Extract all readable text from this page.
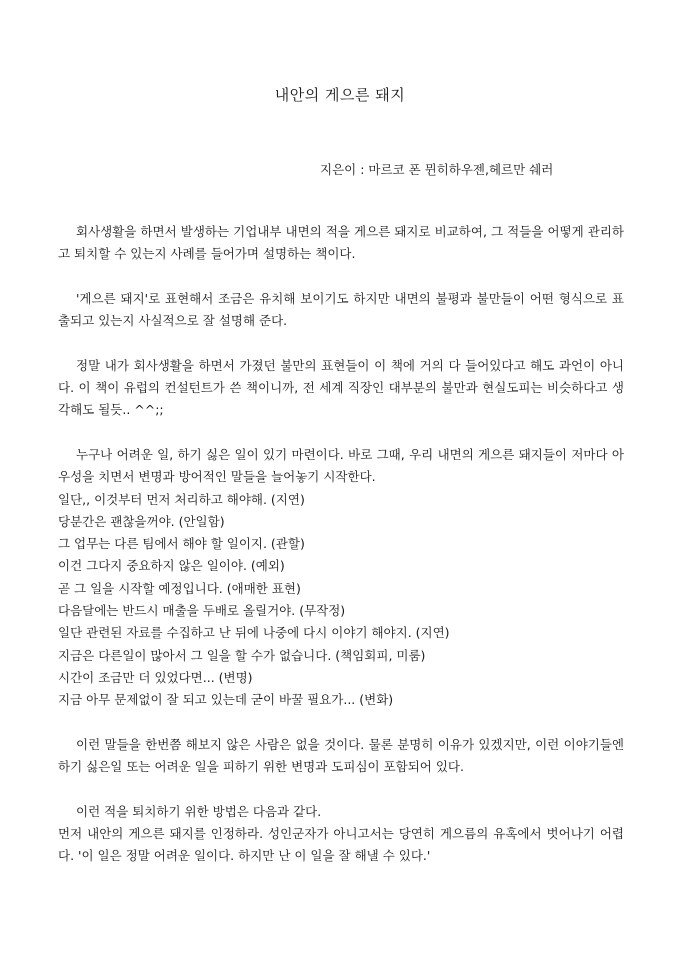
내안의 게으른 돼지
지은이 : 마르코 폰 뮌히하우젠,헤르만 쉐러

회사생활을 하면서 발생하는 기업내부 내면의 적을 게으른 돼지로 비교하여, 그 적들을 어떻게 관리하고 퇴치할 수 있는지 사례를 들어가며 설명하는 책이다.

'게으른 돼지'로 표현해서 조금은 유치해 보이기도 하지만 내면의 불평과 불만들이 어떤 형식으로 표출되고 있는지 사실적으로 잘 설명해 준다.

정말 내가 회사생활을 하면서 가졌던 불만의 표현들이 이 책에 거의 다 들어있다고 해도 과언이 아니다. 이 책이 유럽의 컨설턴트가 쓴 책이니까, 전 세계 직장인 대부분의 불만과 현실도피는 비슷하다고 생각해도 될듯.. ^^;;

누구나 어려운 일, 하기 싫은 일이 있기 마련이다. 바로 그때, 우리 내면의 게으른 돼지들이 저마다 아우성을 치면서 변명과 방어적인 말들을 늘어놓기 시작한다.

일단,, 이것부터 먼저 처리하고 해야해. (지연)

당분간은 괜찮을꺼야. (안일함)

그 업무는 다른 팀에서 해야 할 일이지. (관할)

이건 그다지 중요하지 않은 일이야. (예외)

곧 그 일을 시작할 예정입니다. (애매한 표현)

다음달에는 반드시 매출을 두배로 올릴거야. (무작정)

일단 관련된 자료를 수집하고 난 뒤에 나중에 다시 이야기 해야지. (지연)

지금은 다른일이 많아서 그 일을 할 수가 없습니다. (책임회피, 미룸)

시간이 조금만 더 있었다면... (변명)

지금 아무 문제없이 잘 되고 있는데 굳이 바꿀 필요가... (변화)

이런 말들을 한번쯤 해보지 않은 사람은 없을 것이다. 물론 분명히 이유가 있겠지만, 이런 이야기들엔 하기 싫은일 또는 어려운 일을 피하기 위한 변명과 도피심이 포함되어 있다.

이런 적을 퇴치하기 위한 방법은 다음과 같다.

먼저 내안의 게으른 돼지를 인정하라. 성인군자가 아니고서는 당연히 게으름의 유혹에서 벗어나기 어렵다. '이 일은 정말 어려운 일이다. 하지만 난 이 일을 잘 해낼 수 있다.'
